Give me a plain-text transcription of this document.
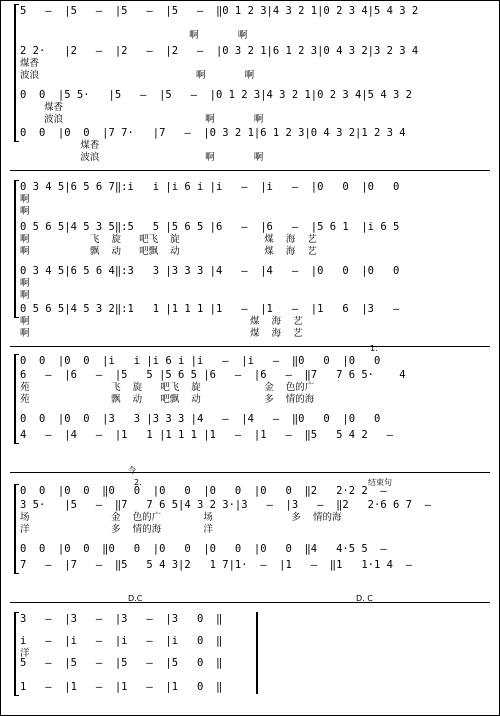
5   –  |5   –  |5   –  |5   –  ‖0 1 2 3|4 3 2 1|0 2 3 4|5 4 3 2
啊             啊
2 2·   |2   –  |2   –  |2   –  |0 3 2 1|6 1 2 3|0 4 3 2|3 2 3 4
煤香
波浪                                                    啊             啊
0  0  |5 5·   |5   –  |5   –  |0 1 2 3|4 3 2 1|0 2 3 4|5 4 3 2
煤香
波浪                                               啊             啊
0  0  |0  0  |7 7·   |7   –  |0 3 2 1|6 1 2 3|0 4 3 2|1 2 3 4
煤香
波浪                                   啊             啊
0 3 4 5|6 5 6 7‖:i   i |i 6 i |i   –  |i   –  |0   0  |0   0
啊
啊
0 5 6 5|4 5 3 5‖:5   5 |5 6 5 |6   –  |6   –  |5 6 1  |i 6 5
啊                    飞    旋      吧飞    旋                            煤    海    艺
啊                    飘    动      吧飘    动                            煤    海    艺
0 3 4 5|6 5 6 4‖:3   3 |3 3 3 |4   –  |4   –  |0   0  |0   0
啊
啊
0 5 6 5|4 5 3 2‖:1   1 |1 1 1 |1   –  |1   –  |1   6  |3   –
啊                                                                         煤    海    艺
啊                                                                         煤    海    艺
0  0  |0  0  |i   i |i 6 i |i   –  |i   –  ‖0   0  |0   0
6   –  |6   –  |5   5 |5 6 5 |6   –  |6   –  ‖7   7 6 5·    4
苑                           飞    旋      吧飞    旋                     金    色的广
苑                           飘    动      吧飘    动                     多    情的海
0  0  |0  0  |3   3 |3 3 3 |4   –  |4   –  ‖0   0  |0   0
4   –  |4   –  |1   1 |1 1 1 |1   –  |1   –  ‖5   5 4 2   –
0  0  |0  0  ‖0   0  |0   0  |0   0  |0   0  ‖2   2·2 2  –
3 5·   |5   –  ‖7   7 6 5|4 3 2 3·|3   –  |3   –  ‖2   2·6 6 7  –
场                           金    色的广              场                          多    情的海
洋                           多    情的海              洋
0  0  |0  0  ‖0   0  |0   0  |0   0  |0   0  ‖4   4·5 5  –
7   –  |7   –  ‖5   5 4 3|2   1 7|1·  –  |1   –  ‖1   1·1 4  –
3   –  |3   –  |3   –  |3   0  ‖
i   –  |i   –  |i   –  |i   0  ‖
洋
5   –  |5   –  |5   –  |5   0  ‖
1   –  |1   –  |1   –  |1   0  ‖
1.
2.	结束句
令
D.C	D. C
